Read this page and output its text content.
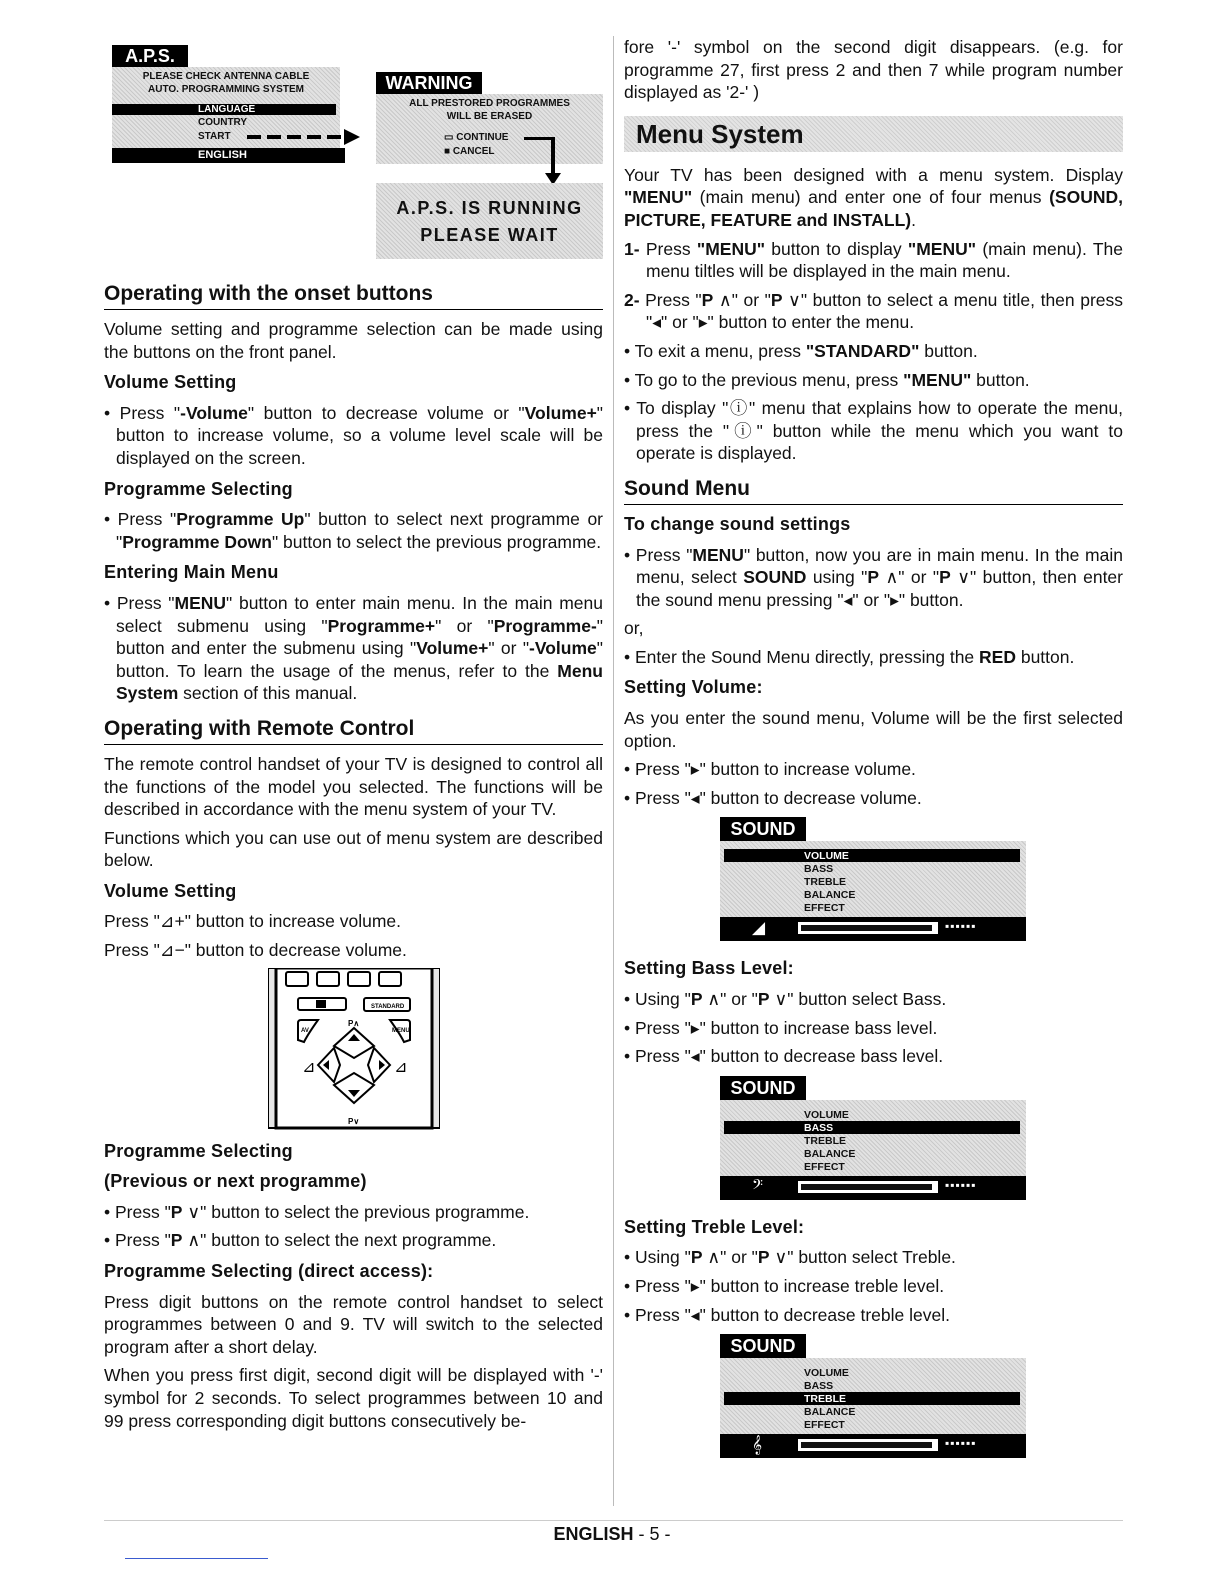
A.P.S.
PLEASE CHECK ANTENNA CABLE
AUTO. PROGRAMMING SYSTEM
LANGUAGE
COUNTRY
START
ENGLISH
WARNING
ALL PRESTORED PROGRAMMES
WILL BE ERASED
▭ CONTINUE
■ CANCEL
A.P.S. IS RUNNING
PLEASE WAIT
Operating with the onset buttons
Volume setting and programme selection can be made using the buttons on the front panel.
Volume Setting
• Press "-Volume" button to decrease volume or "Volume+" button to increase volume, so a volume level scale will be displayed on the screen.
Programme Selecting
• Press "Programme Up" button to select next programme or "Programme Down" button to select the previous programme.
Entering Main Menu
• Press "MENU" button to enter main menu. In the main menu select submenu using "Programme+" or "Programme-" button and enter the submenu using "Volume+" or "-Volume" button. To learn the usage of the menus, refer to the Menu System section of this manual.
Operating with Remote Control
The remote control handset of your TV is designed to control all the functions of the model you selected. The functions will be described in accordance with the menu system of your TV.
Functions which you can use out of menu system are described below.
Volume Setting
Press "⊿+" button to increase volume.
Press "⊿−" button to decrease volume.
STANDARD
AV	MENU
P∧
P∨
⊿	⊿
Programme Selecting
(Previous or next programme)
• Press "P ∨" button to select the previous programme.
• Press "P ∧" button to select the next programme.
Programme Selecting (direct access):
Press digit buttons on the remote control handset to select programmes between 0 and 9. TV will switch to the selected program after a short delay.
When you press first digit, second digit will be displayed with '-' symbol for 2 seconds. To select programmes between 10 and 99 press corresponding digit buttons consecutively be-
fore '-' symbol on the second digit disappears. (e.g. for programme 27, first press 2 and then 7 while program number displayed as '2-' )
Menu System
Your TV has been designed with a menu system. Display "MENU" (main menu) and enter one of four menus (SOUND, PICTURE, FEATURE and INSTALL).
1- Press "MENU" button to display "MENU" (main menu). The menu tiltles will be displayed in the main menu.
2- Press "P ∧" or "P ∨" button to select a menu title, then press "◂" or "▸" button to enter the menu.
• To exit a menu, press "STANDARD" button.
• To go to the previous menu, press "MENU" button.
• To display "ⓘ" menu that explains how to operate the menu, press the "ⓘ" button while the menu which you want to operate is displayed.
Sound Menu
To change sound settings
• Press "MENU" button, now you are in main menu. In the main menu, select SOUND using "P ∧" or "P ∨" button, then enter the sound menu pressing "◂" or "▸" button.
or,
• Enter the Sound Menu directly, pressing the RED button.
Setting Volume:
As you enter the sound menu, Volume will be the first selected option.
• Press "▸" button to increase volume.
• Press "◂" button to decrease volume.
SOUND
VOLUME
BASS
TREBLE
BALANCE
EFFECT
◢	▪▪▪▪▪▪
Setting Bass Level:
• Using "P ∧" or "P ∨" button select Bass.
• Press "▸" button to increase bass level.
• Press "◂" button to decrease bass level.
SOUND
VOLUME
BASS
TREBLE
BALANCE
EFFECT
𝄢	▪▪▪▪▪▪
Setting Treble Level:
• Using "P ∧" or "P ∨" button select Treble.
• Press "▸" button to increase treble level.
• Press "◂" button to decrease treble level.
SOUND
VOLUME
BASS
TREBLE
BALANCE
EFFECT
𝄞	▪▪▪▪▪▪
ENGLISH - 5 -
